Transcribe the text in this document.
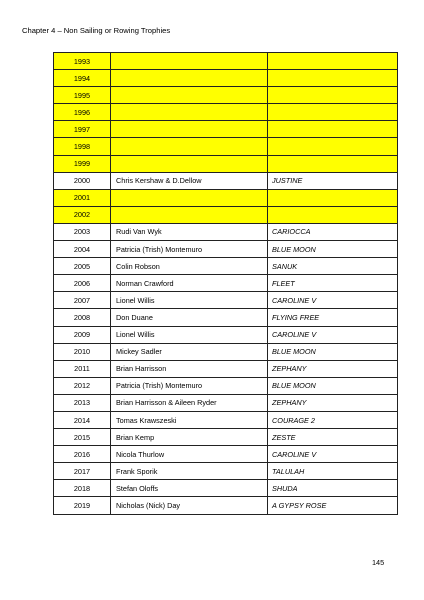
Chapter 4 – Non Sailing or Rowing Trophies
1993		
1994		
1995		
1996		
1997		
1998		
1999		
2000	Chris Kershaw & D.Dellow	JUSTINE
2001		
2002		
2003	Rudi Van Wyk	CARIOCCA
2004	Patricia (Trish) Montemuro	BLUE MOON
2005	Colin Robson	SANUK
2006	Norman Crawford	FLEET
2007	Lionel Willis	CAROLINE V
2008	Don Duane	FLYING FREE
2009	Lionel Willis	CAROLINE V
2010	Mickey Sadler	BLUE MOON
2011	Brian Harrisson	ZEPHANY
2012	Patricia (Trish) Montemuro	BLUE MOON
2013	Brian Harrisson & Aileen Ryder	ZEPHANY
2014	Tomas Krawszeski	COURAGE 2
2015	Brian Kemp	ZESTE
2016	Nicola Thurlow	CAROLINE V
2017	Frank Sporik	TALULAH
2018	Stefan Oloffs	SHUDA
2019	Nicholas (Nick) Day	A GYPSY ROSE
145
